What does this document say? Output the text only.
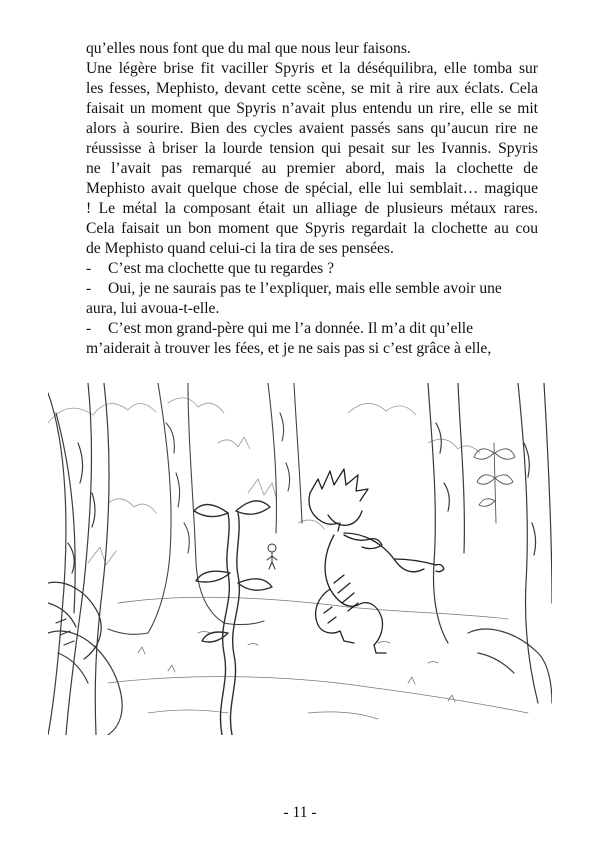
qu’elles nous font que du mal que nous leur faisons.
Une légère brise fit vaciller Spyris et la déséquilibra, elle tomba sur
les fesses, Mephisto, devant cette scène, se mit à rire aux éclats. Cela
faisait un moment que Spyris n’avait plus entendu un rire, elle se mit
alors à sourire. Bien des cycles avaient passés sans qu’aucun rire ne
réussisse à briser la lourde tension qui pesait sur les Ivannis. Spyris
ne l’avait pas remarqué au premier abord, mais la clochette de
Mephisto avait quelque chose de spécial, elle lui semblait… magique
! Le métal la composant était un alliage de plusieurs métaux rares.
Cela faisait un bon moment que Spyris regardait la clochette au cou
de Mephisto quand celui-ci la tira de ses pensées.
-	C’est ma clochette que tu regardes ?
-	Oui, je ne saurais pas te l’expliquer, mais elle semble avoir une
aura, lui avoua-t-elle.
-	C’est mon grand-père qui me l’a donnée. Il m’a dit qu’elle
m’aiderait à trouver les fées, et je ne sais pas si c’est grâce à elle,
- 11 -
